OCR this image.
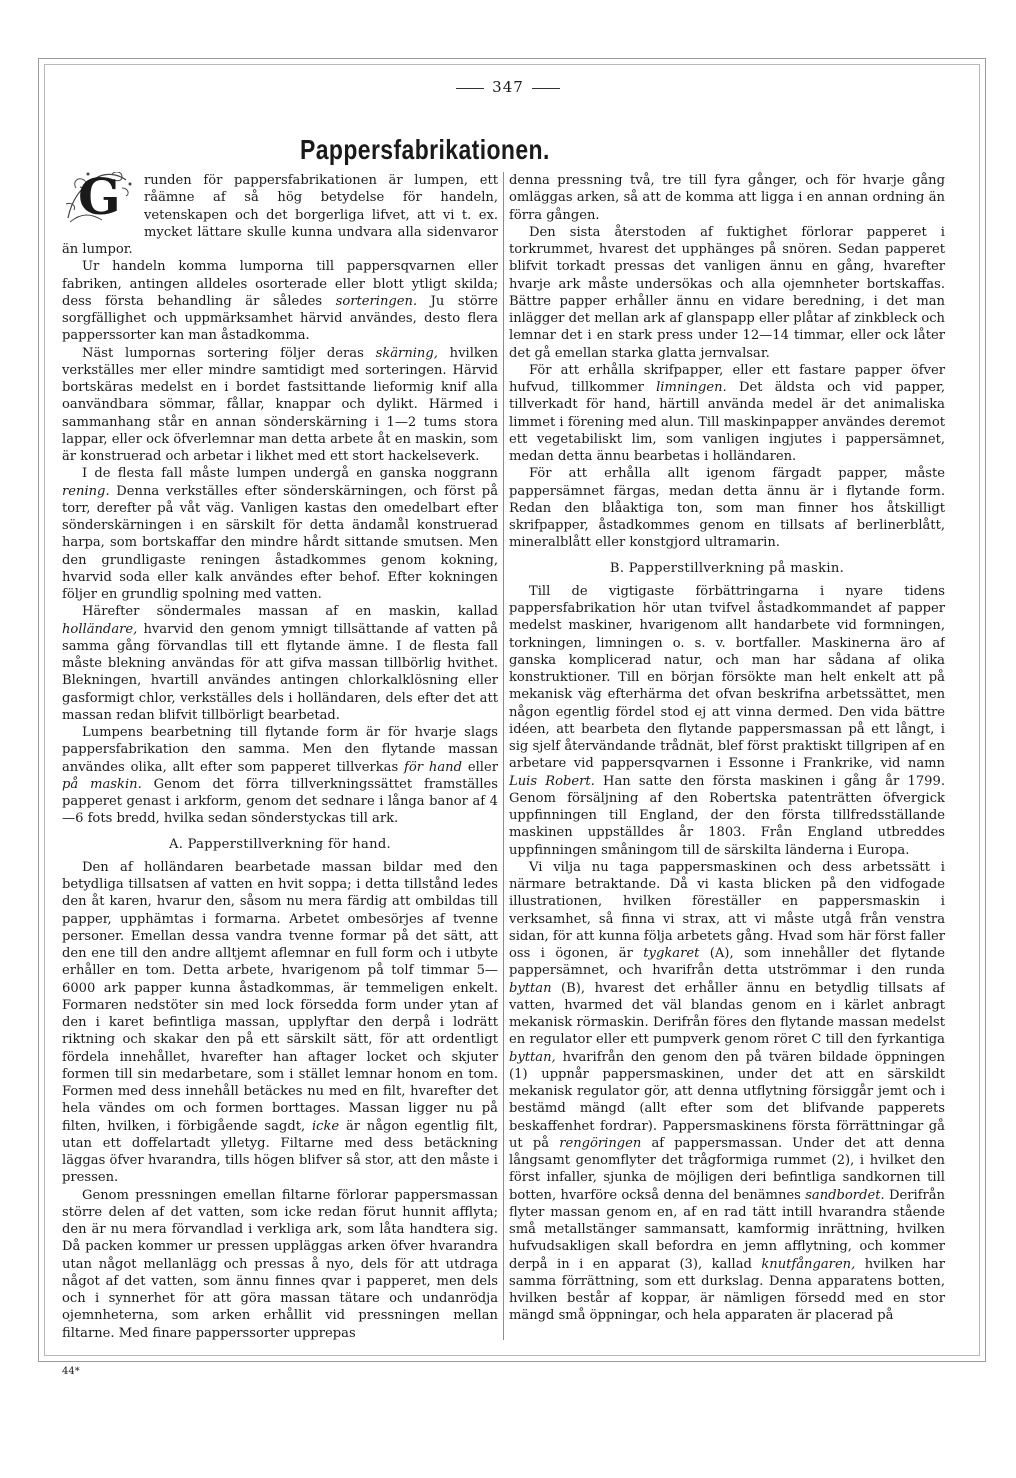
347
Pappersfabrikationen.

G runden för pappersfabrikationen är lumpen, ett råämne af så hög betydelse för handeln, vetenskapen och det borgerliga lifvet, att vi t. ex. mycket lättare skulle kunna undvara alla sidenvaror än lumpor.

Ur handeln komma lumporna till pappersqvarnen eller fabriken, antingen alldeles osorterade eller blott ytligt skilda; dess första behandling är således sorteringen. Ju större sorgfällighet och uppmärksamhet härvid användes, desto flera papperssorter kan man åstadkomma.

Näst lumpornas sortering följer deras skärning, hvilken verkställes mer eller mindre samtidigt med sorteringen. Härvid bortskäras medelst en i bordet fastsittande lieformig knif alla oanvändbara sömmar, fållar, knappar och dylikt. Härmed i sammanhang står en annan sönderskärning i 1—2 tums stora lappar, eller ock öfverlemnar man detta arbete åt en maskin, som är konstruerad och arbetar i likhet med ett stort hackelseverk.

I de flesta fall måste lumpen undergå en ganska noggrann rening. Denna verkställes efter sönderskärningen, och först på torr, derefter på våt väg. Vanligen kastas den omedelbart efter sönderskärningen i en särskilt för detta ändamål konstruerad harpa, som bortskaffar den mindre hårdt sittande smutsen. Men den grundligaste reningen åstadkommes genom kokning, hvarvid soda eller kalk användes efter behof. Efter kokningen följer en grundlig spolning med vatten.

Härefter söndermales massan af en maskin, kallad holländare, hvarvid den genom ymnigt tillsättande af vatten på samma gång förvandlas till ett flytande ämne. I de flesta fall måste blekning användas för att gifva massan tillbörlig hvithet. Blekningen, hvartill användes antingen chlorkalklösning eller gasformigt chlor, verkställes dels i holländaren, dels efter det att massan redan blifvit tillbörligt bearbetad.

Lumpens bearbetning till flytande form är för hvarje slags pappersfabrikation den samma. Men den flytande massan användes olika, allt efter som papperet tillverkas för hand eller på maskin. Genom det förra tillverkningssättet framställes papperet genast i arkform, genom det sednare i långa banor af 4—6 fots bredd, hvilka sedan sönderstyckas till ark.

A. Papperstillverkning för hand.

Den af holländaren bearbetade massan bildar med den betydliga tillsatsen af vatten en hvit soppa; i detta tillstånd ledes den åt karen, hvarur den, såsom nu mera färdig att ombildas till papper, upphämtas i formarna. Arbetet ombesörjes af tvenne personer. Emellan dessa vandra tvenne formar på det sätt, att den ene till den andre alltjemt aflemnar en full form och i utbyte erhåller en tom. Detta arbete, hvarigenom på tolf timmar 5—6000 ark papper kunna åstadkommas, är temmeligen enkelt. Formaren nedstöter sin med lock försedda form under ytan af den i karet befintliga massan, upplyftar den derpå i lodrätt riktning och skakar den på ett särskilt sätt, för att ordentligt fördela innehållet, hvarefter han aftager locket och skjuter formen till sin medarbetare, som i stället lemnar honom en tom. Formen med dess innehåll betäckes nu med en filt, hvarefter det hela vändes om och formen borttages. Massan ligger nu på filten, hvilken, i förbigående sagdt, icke är någon egentlig filt, utan ett doffelartadt ylletyg. Filtarne med dess betäckning läggas öfver hvarandra, tills högen blifver så stor, att den måste i pressen.

Genom pressningen emellan filtarne förlorar pappersmassan större delen af det vatten, som icke redan förut hunnit afflyta; den är nu mera förvandlad i verkliga ark, som låta handtera sig. Då packen kommer ur pressen uppläggas arken öfver hvarandra utan något mellanlägg och pressas å nyo, dels för att utdraga något af det vatten, som ännu finnes qvar i papperet, men dels och i synnerhet för att göra massan tätare och undanrödja ojemnheterna, som arken erhållit vid pressningen mellan filtarne. Med finare papperssorter upprepas

denna pressning två, tre till fyra gånger, och för hvarje gång omläggas arken, så att de komma att ligga i en annan ordning än förra gången.

Den sista återstoden af fuktighet förlorar papperet i torkrummet, hvarest det upphänges på snören. Sedan papperet blifvit torkadt pressas det vanligen ännu en gång, hvarefter hvarje ark måste undersökas och alla ojemnheter bortskaffas. Bättre papper erhåller ännu en vidare beredning, i det man inlägger det mellan ark af glanspapp eller plåtar af zinkbleck och lemnar det i en stark press under 12—14 timmar, eller ock låter det gå emellan starka glatta jernvalsar.

För att erhålla skrifpapper, eller ett fastare papper öfver hufvud, tillkommer limningen. Det äldsta och vid papper, tillverkadt för hand, härtill använda medel är det animaliska limmet i förening med alun. Till maskinpapper användes deremot ett vegetabiliskt lim, som vanligen ingjutes i pappersämnet, medan detta ännu bearbetas i holländaren.

För att erhålla allt igenom färgadt papper, måste pappersämnet färgas, medan detta ännu är i flytande form. Redan den blåaktiga ton, som man finner hos åtskilligt skrifpapper, åstadkommes genom en tillsats af berlinerblått, mineralblått eller konstgjord ultramarin.

B. Papperstillverkning på maskin.

Till de vigtigaste förbättringarna i nyare tidens pappersfabrikation hör utan tvifvel åstadkommandet af papper medelst maskiner, hvarigenom allt handarbete vid formningen, torkningen, limningen o. s. v. bortfaller. Maskinerna äro af ganska komplicerad natur, och man har sådana af olika konstruktioner. Till en början försökte man helt enkelt att på mekanisk väg efterhärma det ofvan beskrifna arbetssättet, men någon egentlig fördel stod ej att vinna dermed. Den vida bättre idéen, att bearbeta den flytande pappersmassan på ett långt, i sig sjelf återvändande trådnät, blef först praktiskt tillgripen af en arbetare vid pappersqvarnen i Essonne i Frankrike, vid namn Luis Robert. Han satte den första maskinen i gång år 1799. Genom försäljning af den Robertska patenträtten öfvergick uppfinningen till England, der den första tillfredsställande maskinen uppställdes år 1803. Från England utbreddes uppfinningen småningom till de särskilta länderna i Europa.

Vi vilja nu taga pappersmaskinen och dess arbetssätt i närmare betraktande. Då vi kasta blicken på den vidfogade illustrationen, hvilken föreställer en pappersmaskin i verksamhet, så finna vi strax, att vi måste utgå från venstra sidan, för att kunna följa arbetets gång. Hvad som här först faller oss i ögonen, är tygkaret (A), som innehåller det flytande pappersämnet, och hvarifrån detta utströmmar i den runda byttan (B), hvarest det erhåller ännu en betydlig tillsats af vatten, hvarmed det väl blandas genom en i kärlet anbragt mekanisk rörmaskin. Derifrån föres den flytande massan medelst en regulator eller ett pumpverk genom röret C till den fyrkantiga byttan, hvarifrån den genom den på tvären bildade öppningen (1) uppnår pappersmaskinen, under det att en särskildt mekanisk regulator gör, att denna utflytning försiggår jemt och i bestämd mängd (allt efter som det blifvande papperets beskaffenhet fordrar). Pappersmaskinens första förrättningar gå ut på rengöringen af pappersmassan. Under det att denna långsamt genomflyter det trågformiga rummet (2), i hvilket den först infaller, sjunka de möjligen deri befintliga sandkornen till botten, hvarföre också denna del benämnes sandbordet. Derifrån flyter massan genom en, af en rad tätt intill hvarandra stående små metallstänger sammansatt, kamformig inrättning, hvilken hufvudsakligen skall befordra en jemn afflytning, och kommer derpå in i en apparat (3), kallad knutfångaren, hvilken har samma förrättning, som ett durkslag. Denna apparatens botten, hvilken består af koppar, är nämligen försedd med en stor mängd små öppningar, och hela apparaten är placerad på

44*
